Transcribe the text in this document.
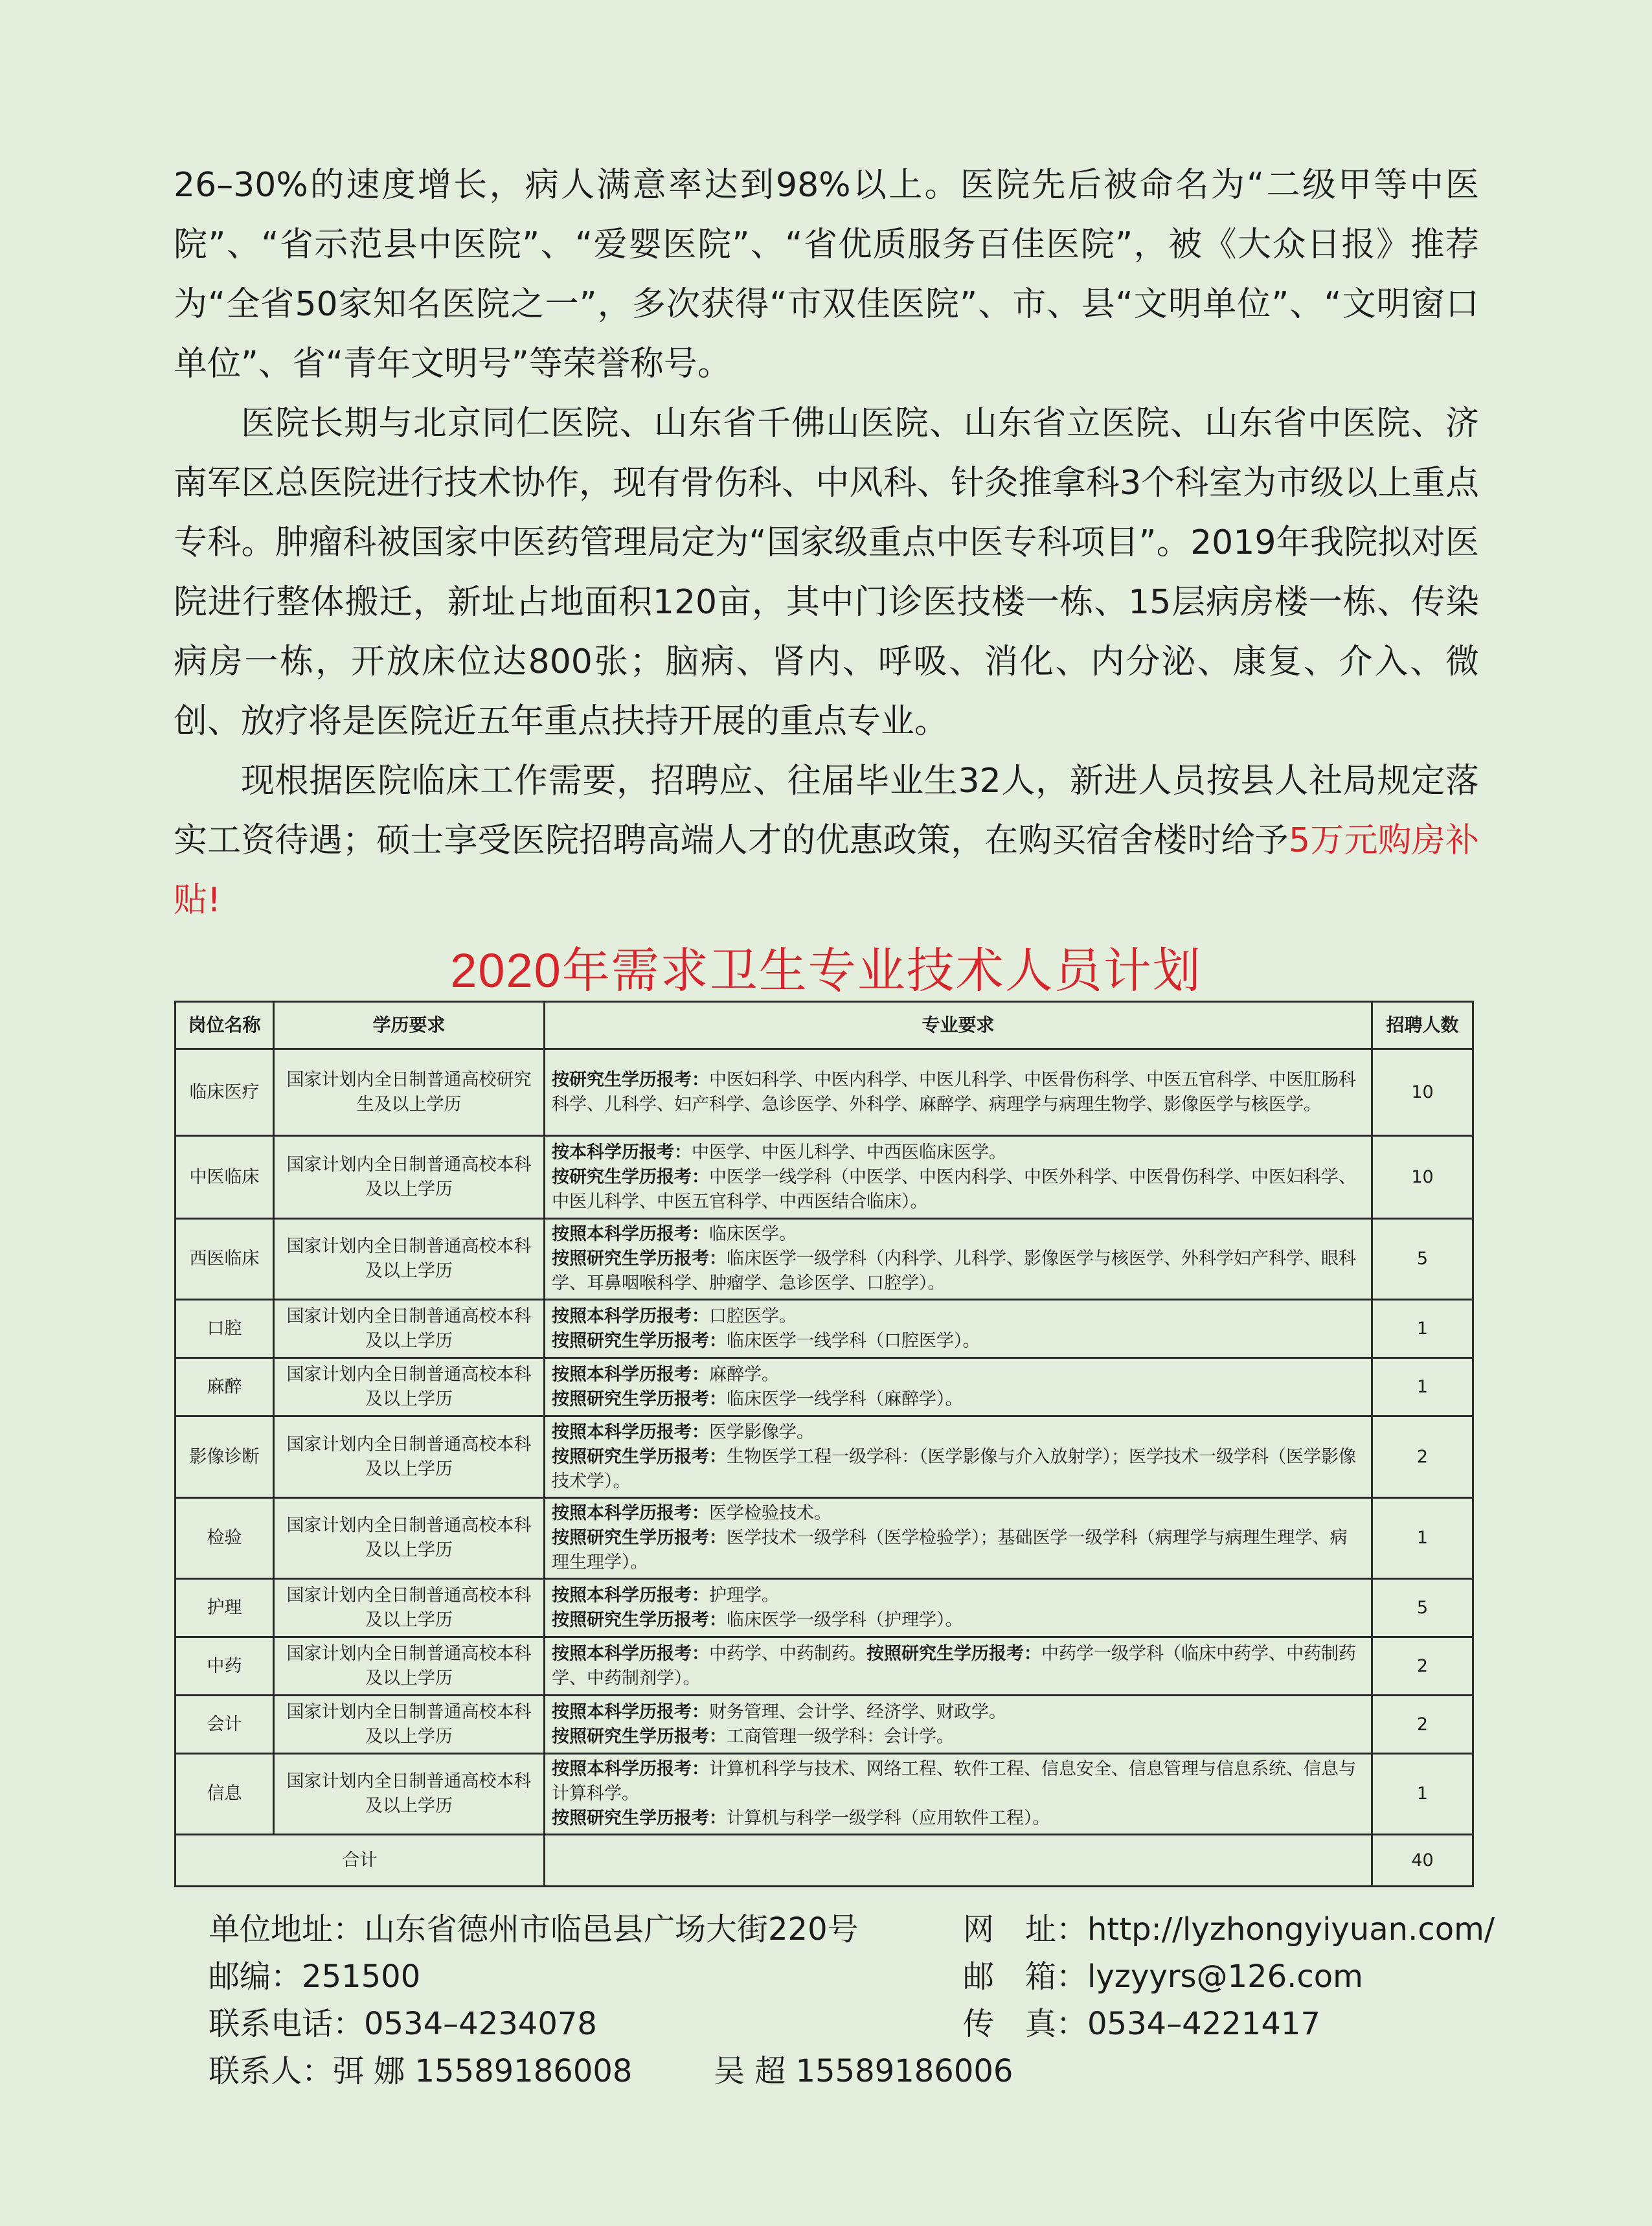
26–30%的速度增长，病人满意率达到98%以上。医院先后被命名为“二级甲等中医院”、“省示范县中医院”、“爱婴医院”、“省优质服务百佳医院”，被《大众日报》推荐为“全省50家知名医院之一”，多次获得“市双佳医院”、市、县“文明单位”、“文明窗口单位”、省“青年文明号”等荣誉称号。

医院长期与北京同仁医院、山东省千佛山医院、山东省立医院、山东省中医院、济南军区总医院进行技术协作，现有骨伤科、中风科、针灸推拿科3个科室为市级以上重点专科。肿瘤科被国家中医药管理局定为“国家级重点中医专科项目”。2019年我院拟对医院进行整体搬迁，新址占地面积120亩，其中门诊医技楼一栋、15层病房楼一栋、传染病房一栋，开放床位达800张；脑病、肾内、呼吸、消化、内分泌、康复、介入、微创、放疗将是医院近五年重点扶持开展的重点专业。

现根据医院临床工作需要，招聘应、往届毕业生32人，新进人员按县人社局规定落实工资待遇；硕士享受医院招聘高端人才的优惠政策，在购买宿舍楼时给予5万元购房补贴!

2020年需求卫生专业技术人员计划
岗位名称	学历要求	专业要求	招聘人数
临床医疗	国家计划内全日制普通高校研究生及以上学历	按研究生学历报考：中医妇科学、中医内科学、中医儿科学、中医骨伤科学、中医五官科学、中医肛肠科科学、儿科学、妇产科学、急诊医学、外科学、麻醉学、病理学与病理生物学、影像医学与核医学。	10
中医临床	国家计划内全日制普通高校本科及以上学历	按本科学历报考：中医学、中医儿科学、中西医临床医学。
按研究生学历报考：中医学一线学科（中医学、中医内科学、中医外科学、中医骨伤科学、中医妇科学、中医儿科学、中医五官科学、中西医结合临床）。	10
西医临床	国家计划内全日制普通高校本科及以上学历	按照本科学历报考：临床医学。
按照研究生学历报考：临床医学一级学科（内科学、儿科学、影像医学与核医学、外科学妇产科学、眼科学、耳鼻咽喉科学、肿瘤学、急诊医学、口腔学）。	5
口腔	国家计划内全日制普通高校本科及以上学历	按照本科学历报考：口腔医学。
按照研究生学历报考：临床医学一线学科（口腔医学）。	1
麻醉	国家计划内全日制普通高校本科及以上学历	按照本科学历报考：麻醉学。
按照研究生学历报考：临床医学一线学科（麻醉学）。	1
影像诊断	国家计划内全日制普通高校本科及以上学历	按照本科学历报考：医学影像学。
按照研究生学历报考：生物医学工程一级学科：（医学影像与介入放射学）；医学技术一级学科（医学影像技术学）。	2
检验	国家计划内全日制普通高校本科及以上学历	按照本科学历报考：医学检验技术。
按照研究生学历报考：医学技术一级学科（医学检验学）；基础医学一级学科（病理学与病理生理学、病理生理学）。	1
护理	国家计划内全日制普通高校本科及以上学历	按照本科学历报考：护理学。
按照研究生学历报考：临床医学一级学科（护理学）。	5
中药	国家计划内全日制普通高校本科及以上学历	按照本科学历报考：中药学、中药制药。按照研究生学历报考：中药学一级学科（临床中药学、中药制药学、中药制剂学）。	2
会计	国家计划内全日制普通高校本科及以上学历	按照本科学历报考：财务管理、会计学、经济学、财政学。
按照研究生学历报考：工商管理一级学科：会计学。	2
信息	国家计划内全日制普通高校本科及以上学历	按照本科学历报考：计算机科学与技术、网络工程、软件工程、信息安全、信息管理与信息系统、信息与计算科学。
按照研究生学历报考：计算机与科学一级学科（应用软件工程）。	1
合计			40
单位地址：山东省德州市临邑县广场大街220号	网　址：http://lyzhongyiyuan.com/
邮编：251500	邮　箱：lyzyyrs@126.com
联系电话：0534–4234078	传　真：0534–4221417
联系人：弭 娜 15589186008	吴 超 15589186006
